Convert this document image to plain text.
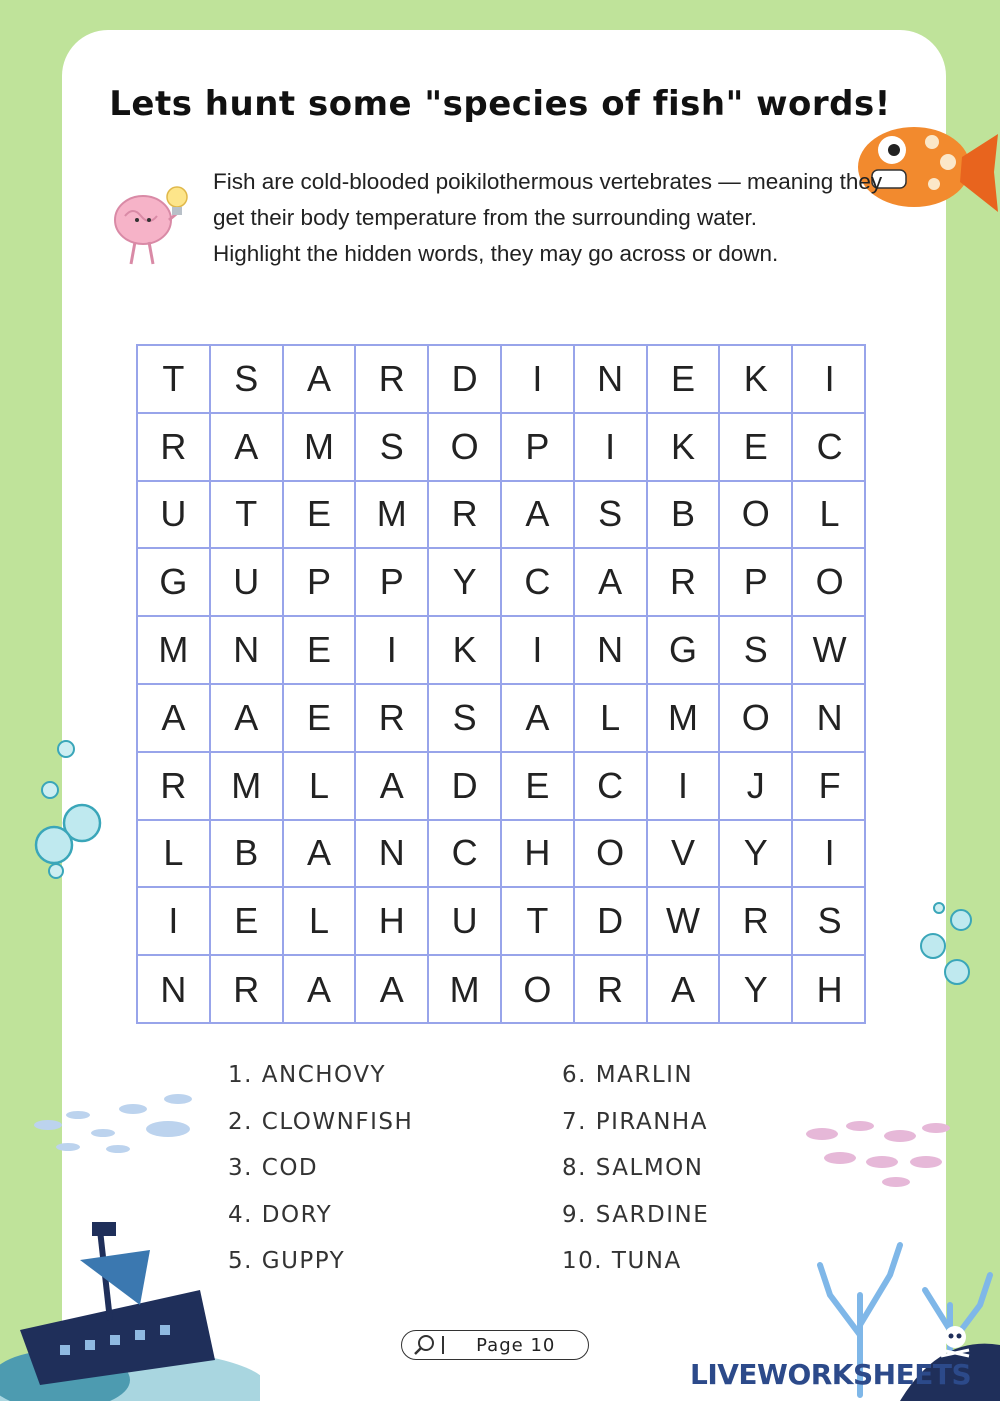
Lets hunt some "species of fish" words!

Fish are cold-blooded poikilothermous vertebrates — meaning they get their body temperature from the surrounding water.

Highlight the hidden words, they may go across or down.

T	S	A	R	D	I	N	E	K	I
R	A	M	S	O	P	I	K	E	C
U	T	E	M	R	A	S	B	O	L
G	U	P	P	Y	C	A	R	P	O
M	N	E	I	K	I	N	G	S	W
A	A	E	R	S	A	L	M	O	N
R	M	L	A	D	E	C	I	J	F
L	B	A	N	C	H	O	V	Y	I
I	E	L	H	U	T	D	W	R	S
N	R	A	A	M	O	R	A	Y	H
1. ANCHOVY
2. CLOWNFISH
3. COD
4. DORY
5. GUPPY
6. MARLIN
7. PIRANHA
8. SALMON
9. SARDINE
10. TUNA
Page 10
LIVEWORKSHEETS
